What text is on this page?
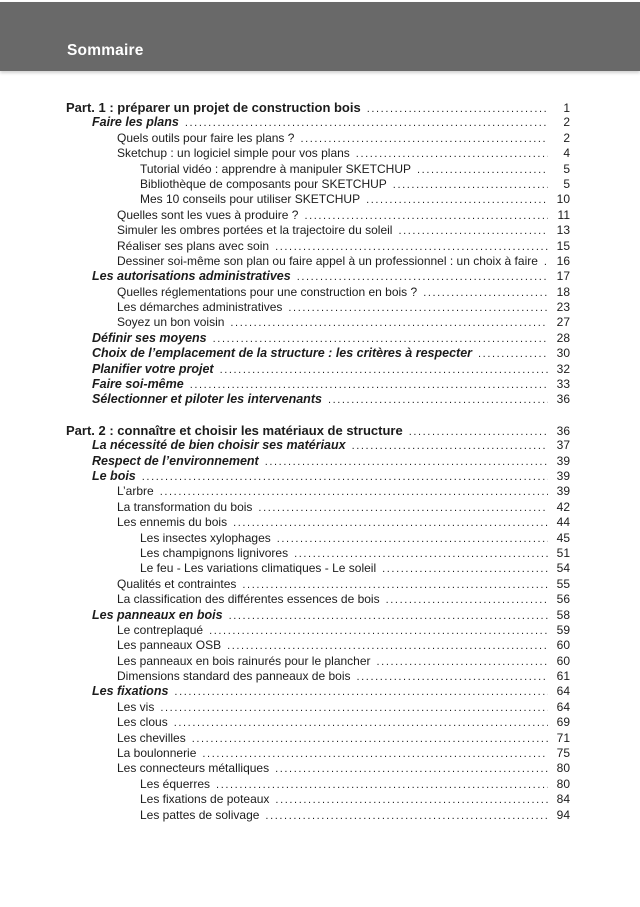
Sommaire
Part. 1 : préparer un projet de construction bois .....	1
Faire les plans .....	2
Quels outils pour faire les plans ? .....	2
Sketchup : un logiciel simple pour vos plans .....	4
Tutorial vidéo : apprendre à manipuler SKETCHUP .....	5
Bibliothèque de composants pour SKETCHUP .....	5
Mes 10 conseils pour utiliser SKETCHUP .....	10
Quelles sont les vues à produire ? .....	11
Simuler les ombres portées et la trajectoire du soleil .....	13
Réaliser ses plans avec soin .....	15
Dessiner soi-même son plan ou faire appel à un professionnel : un choix à faire .....	16
Les autorisations administratives .....	17
Quelles réglementations pour une construction en bois ? .....	18
Les démarches administratives .....	23
Soyez un bon voisin .....	27
Définir ses moyens .....	28
Choix de l’emplacement de la structure : les critères à respecter .....	30
Planifier votre projet .....	32
Faire soi-même .....	33
Sélectionner et piloter les intervenants .....	36
Part. 2 : connaître et choisir les matériaux de structure .....	36
La nécessité de bien choisir ses matériaux .....	37
Respect de l’environnement .....	39
Le bois .....	39
L’arbre .....	39
La transformation du bois .....	42
Les ennemis du bois .....	44
Les insectes xylophages .....	45
Les champignons lignivores .....	51
Le feu - Les variations climatiques - Le soleil .....	54
Qualités et contraintes .....	55
La classification des différentes essences de bois .....	56
Les panneaux en bois .....	58
Le contreplaqué .....	59
Les panneaux OSB .....	60
Les panneaux en bois rainurés pour le plancher .....	60
Dimensions standard des panneaux de bois .....	61
Les fixations .....	64
Les vis .....	64
Les clous .....	69
Les chevilles .....	71
La boulonnerie .....	75
Les connecteurs métalliques .....	80
Les équerres .....	80
Les fixations de poteaux .....	84
Les pattes de solivage .....	94
